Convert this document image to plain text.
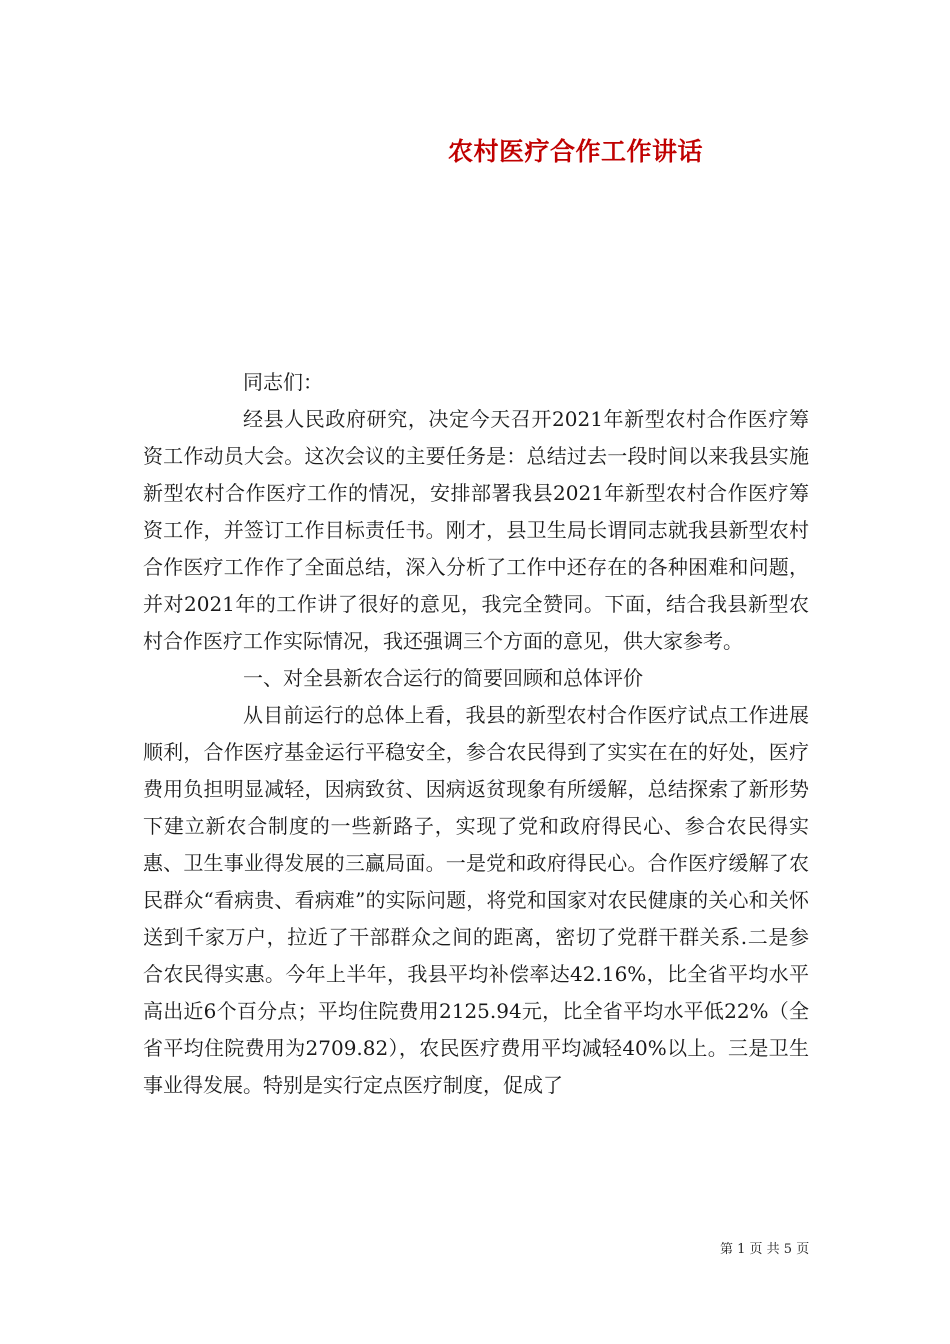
农村医疗合作工作讲话

同志们：

经县人民政府研究，决定今天召开2021年新型农村合作医疗筹资工作动员大会。这次会议的主要任务是：总结过去一段时间以来我县实施新型农村合作医疗工作的情况，安排部署我县2021年新型农村合作医疗筹资工作，并签订工作目标责任书。刚才，县卫生局长谓同志就我县新型农村合作医疗工作作了全面总结，深入分析了工作中还存在的各种困难和问题，并对2021年的工作讲了很好的意见，我完全赞同。下面，结合我县新型农村合作医疗工作实际情况，我还强调三个方面的意见，供大家参考。

一、对全县新农合运行的简要回顾和总体评价

从目前运行的总体上看，我县的新型农村合作医疗试点工作进展顺利，合作医疗基金运行平稳安全，参合农民得到了实实在在的好处，医疗费用负担明显减轻，因病致贫、因病返贫现象有所缓解，总结探索了新形势下建立新农合制度的一些新路子，实现了党和政府得民心、参合农民得实惠、卫生事业得发展的三赢局面。一是党和政府得民心。合作医疗缓解了农民群众“看病贵、看病难”的实际问题，将党和国家对农民健康的关心和关怀送到千家万户，拉近了干部群众之间的距离，密切了党群干群关系.二是参合农民得实惠。今年上半年，我县平均补偿率达42.16%，比全省平均水平高出近6个百分点；平均住院费用2125.94元，比全省平均水平低22%（全省平均住院费用为2709.82），农民医疗费用平均减轻40%以上。三是卫生事业得发展。特别是实行定点医疗制度，促成了

第 1 页 共 5 页
